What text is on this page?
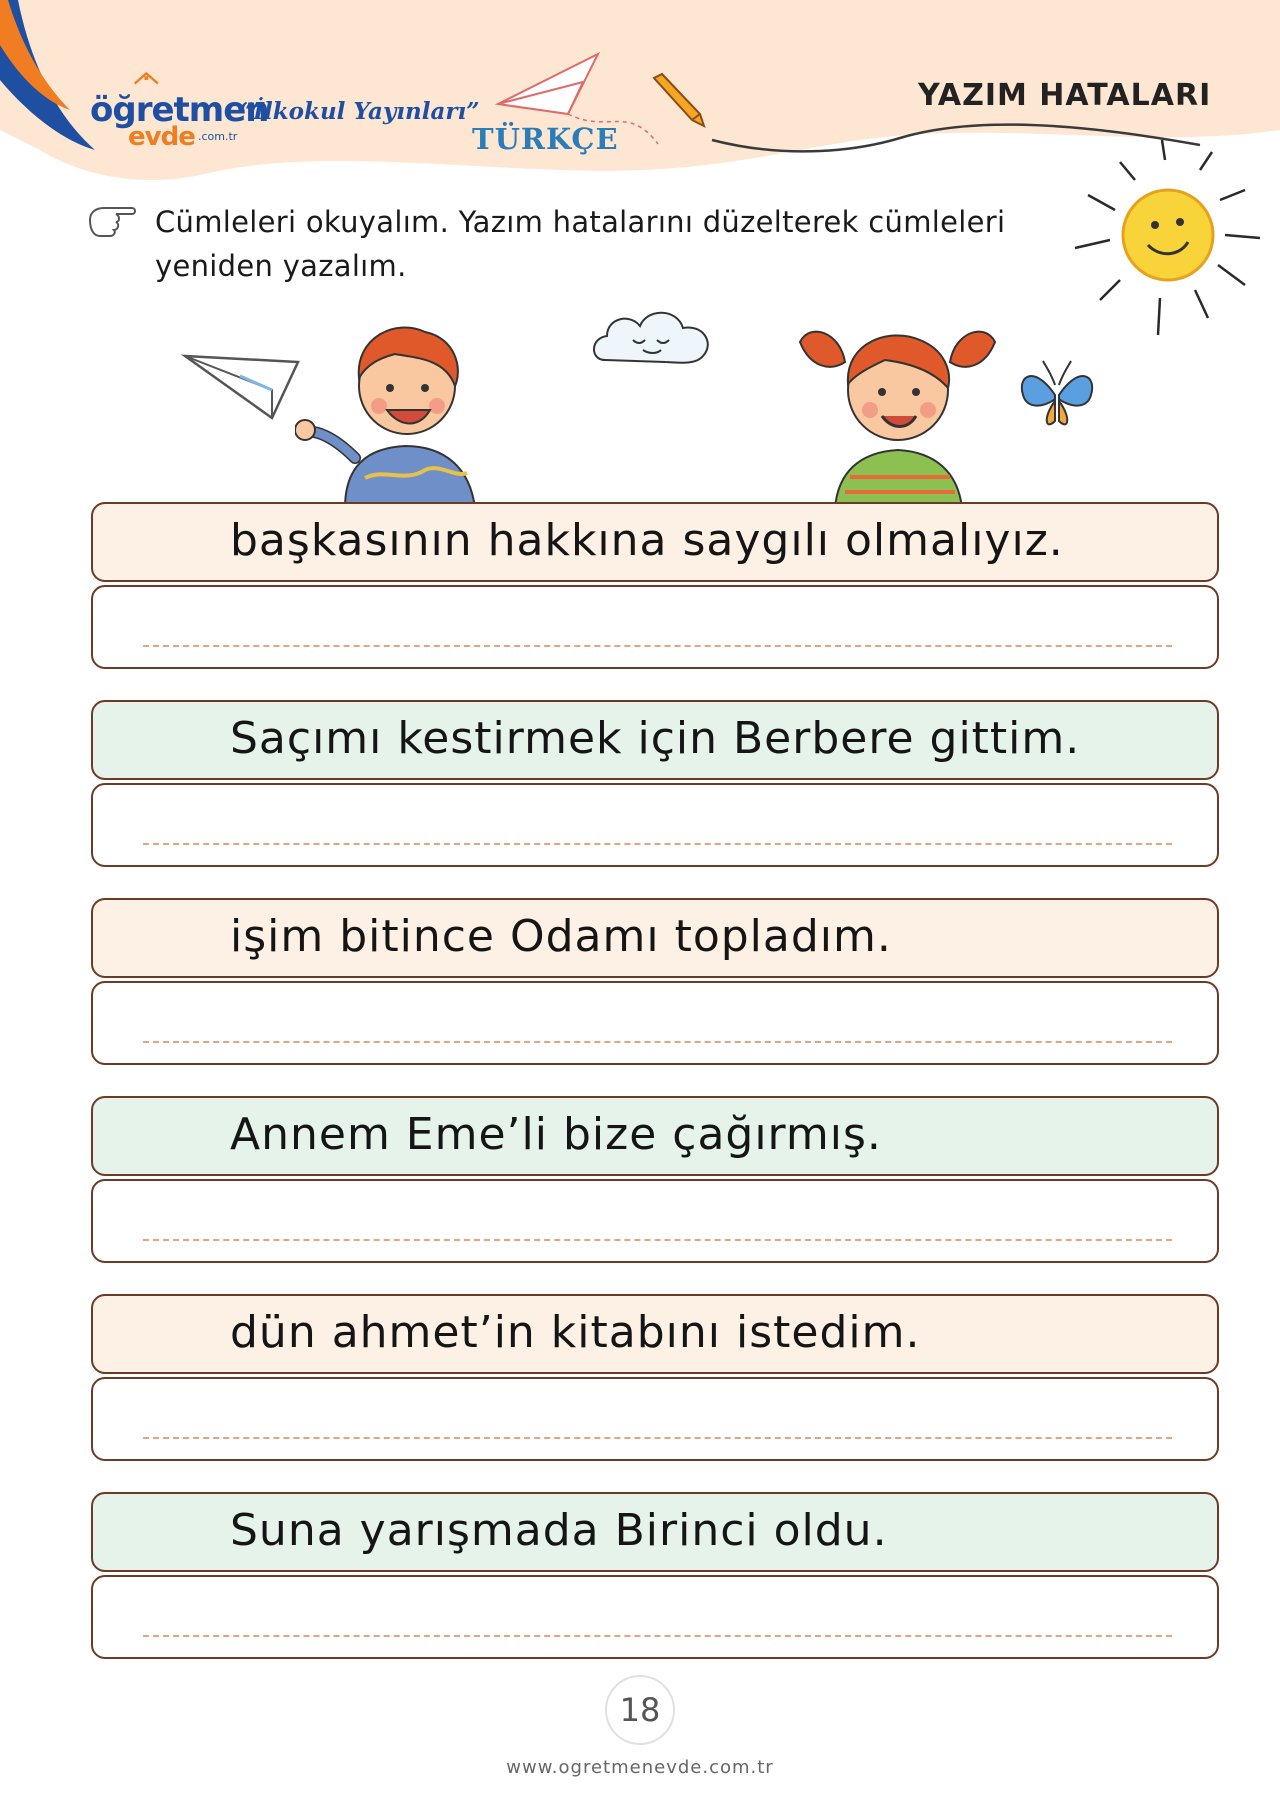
öğretmen
evde .com.tr
“İlkokul Yayınları”
TÜRKÇE
YAZIM HATALARI
Cümleleri okuyalım. Yazım hatalarını düzelterek cümleleri yeniden yazalım.
başkasının hakkına saygılı olmalıyız.
Saçımı kestirmek için Berbere gittim.
işim bitince Odamı topladım.
Annem Eme’li bize çağırmış.
dün ahmet’in kitabını istedim.
Suna yarışmada Birinci oldu.
18
www.ogretmenevde.com.tr
